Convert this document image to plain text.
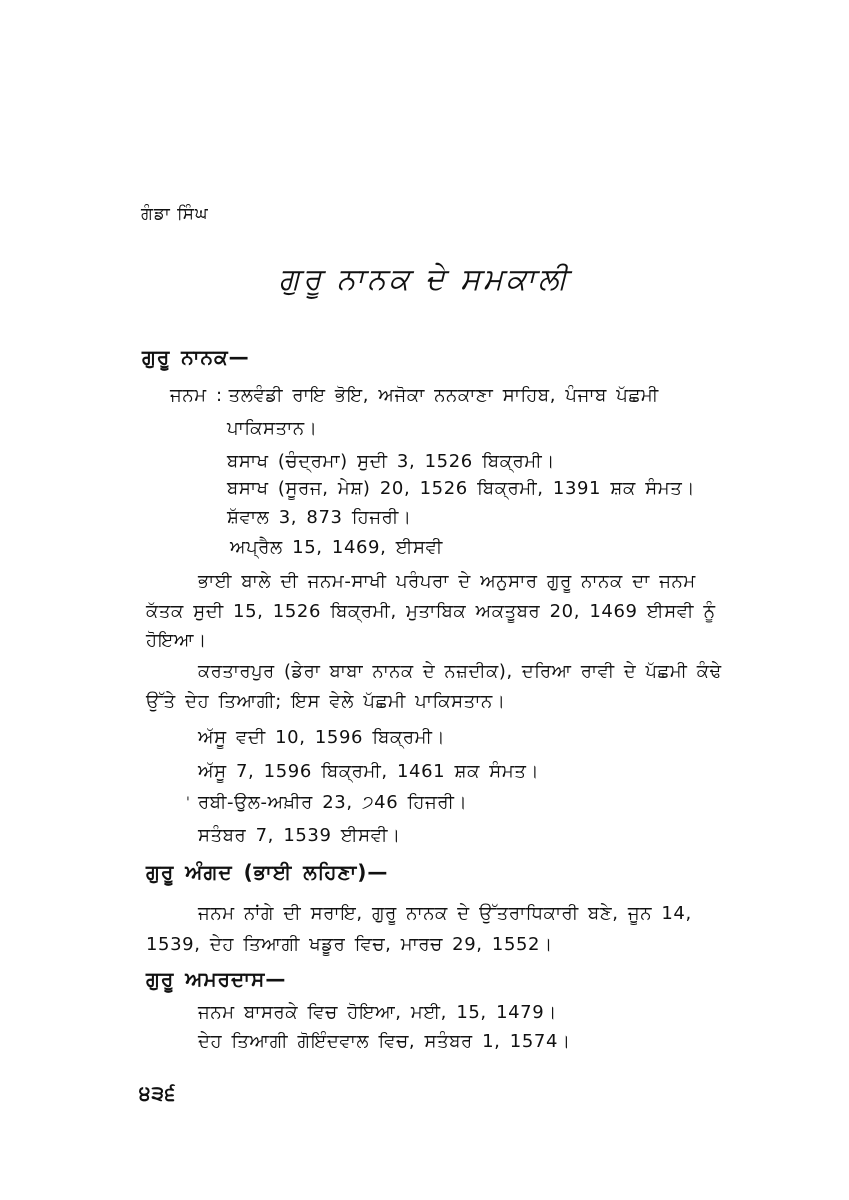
ਗੰਡਾ ਸਿੰਘ
ਗੁਰੂ ਨਾਨਕ ਦੇ ਸਮਕਾਲੀ
ਗੁਰੂ ਨਾਨਕ—
ਜਨਮ : ਤਲਵੰਡੀ ਰਾਇ ਭੋਇ, ਅਜੋਕਾ ਨਨਕਾਣਾ ਸਾਹਿਬ, ਪੰਜਾਬ ਪੱਛਮੀ
ਪਾਕਿਸਤਾਨ।
ਬਸਾਖ (ਚੰਦ੍ਰਮਾ) ਸੁਦੀ 3, 1526 ਬਿਕ੍ਰਮੀ।
ਬਸਾਖ (ਸੂਰਜ, ਮੇਸ਼) 20, 1526 ਬਿਕ੍ਰਮੀ, 1391 ਸ਼ਕ ਸੰਮਤ।
ਸ਼ੱਵਾਲ 3, 873 ਹਿਜਰੀ।
ਅਪ੍ਰੈਲ 15, 1469, ਈਸਵੀ
ਭਾਈ ਬਾਲੇ ਦੀ ਜਨਮ-ਸਾਖੀ ਪਰੰਪਰਾ ਦੇ ਅਨੁਸਾਰ ਗੁਰੂ ਨਾਨਕ ਦਾ ਜਨਮ
ਕੱਤਕ ਸੁਦੀ 15, 1526 ਬਿਕ੍ਰਮੀ, ਮੁਤਾਬਿਕ ਅਕਤੂਬਰ 20, 1469 ਈਸਵੀ ਨੂੰ
ਹੋਇਆ।
ਕਰਤਾਰਪੁਰ (ਡੇਰਾ ਬਾਬਾ ਨਾਨਕ ਦੇ ਨਜ਼ਦੀਕ), ਦਰਿਆ ਰਾਵੀ ਦੇ ਪੱਛਮੀ ਕੰਢੇ
ਉੱਤੇ ਦੇਹ ਤਿਆਗੀ; ਇਸ ਵੇਲੇ ਪੱਛਮੀ ਪਾਕਿਸਤਾਨ।
ਅੱਸੂ ਵਦੀ 10, 1596 ਬਿਕ੍ਰਮੀ।
ਅੱਸੂ 7, 1596 ਬਿਕ੍ਰਮੀ, 1461 ਸ਼ਕ ਸੰਮਤ।
' ਰਬੀ-ਉਲ-ਅਖ਼ੀਰ 23, ੭46 ਹਿਜਰੀ।
ਸਤੰਬਰ 7, 1539 ਈਸਵੀ।
ਗੁਰੂ ਅੰਗਦ (ਭਾਈ ਲਹਿਣਾ)—
ਜਨਮ ਨਾਂਗੇ ਦੀ ਸਰਾਇ, ਗੁਰੂ ਨਾਨਕ ਦੇ ਉੱਤਰਾਧਿਕਾਰੀ ਬਣੇ, ਜੂਨ 14,
1539, ਦੇਹ ਤਿਆਗੀ ਖਡੂਰ ਵਿਚ, ਮਾਰਚ 29, 1552।
ਗੁਰੂ ਅਮਰਦਾਸ—
ਜਨਮ ਬਾਸਰਕੇ ਵਿਚ ਹੋਇਆ, ਮਈ, 15, 1479।
ਦੇਹ ਤਿਆਗੀ ਗੋਇੰਦਵਾਲ ਵਿਚ, ਸਤੰਬਰ 1, 1574।
੪੩੬
